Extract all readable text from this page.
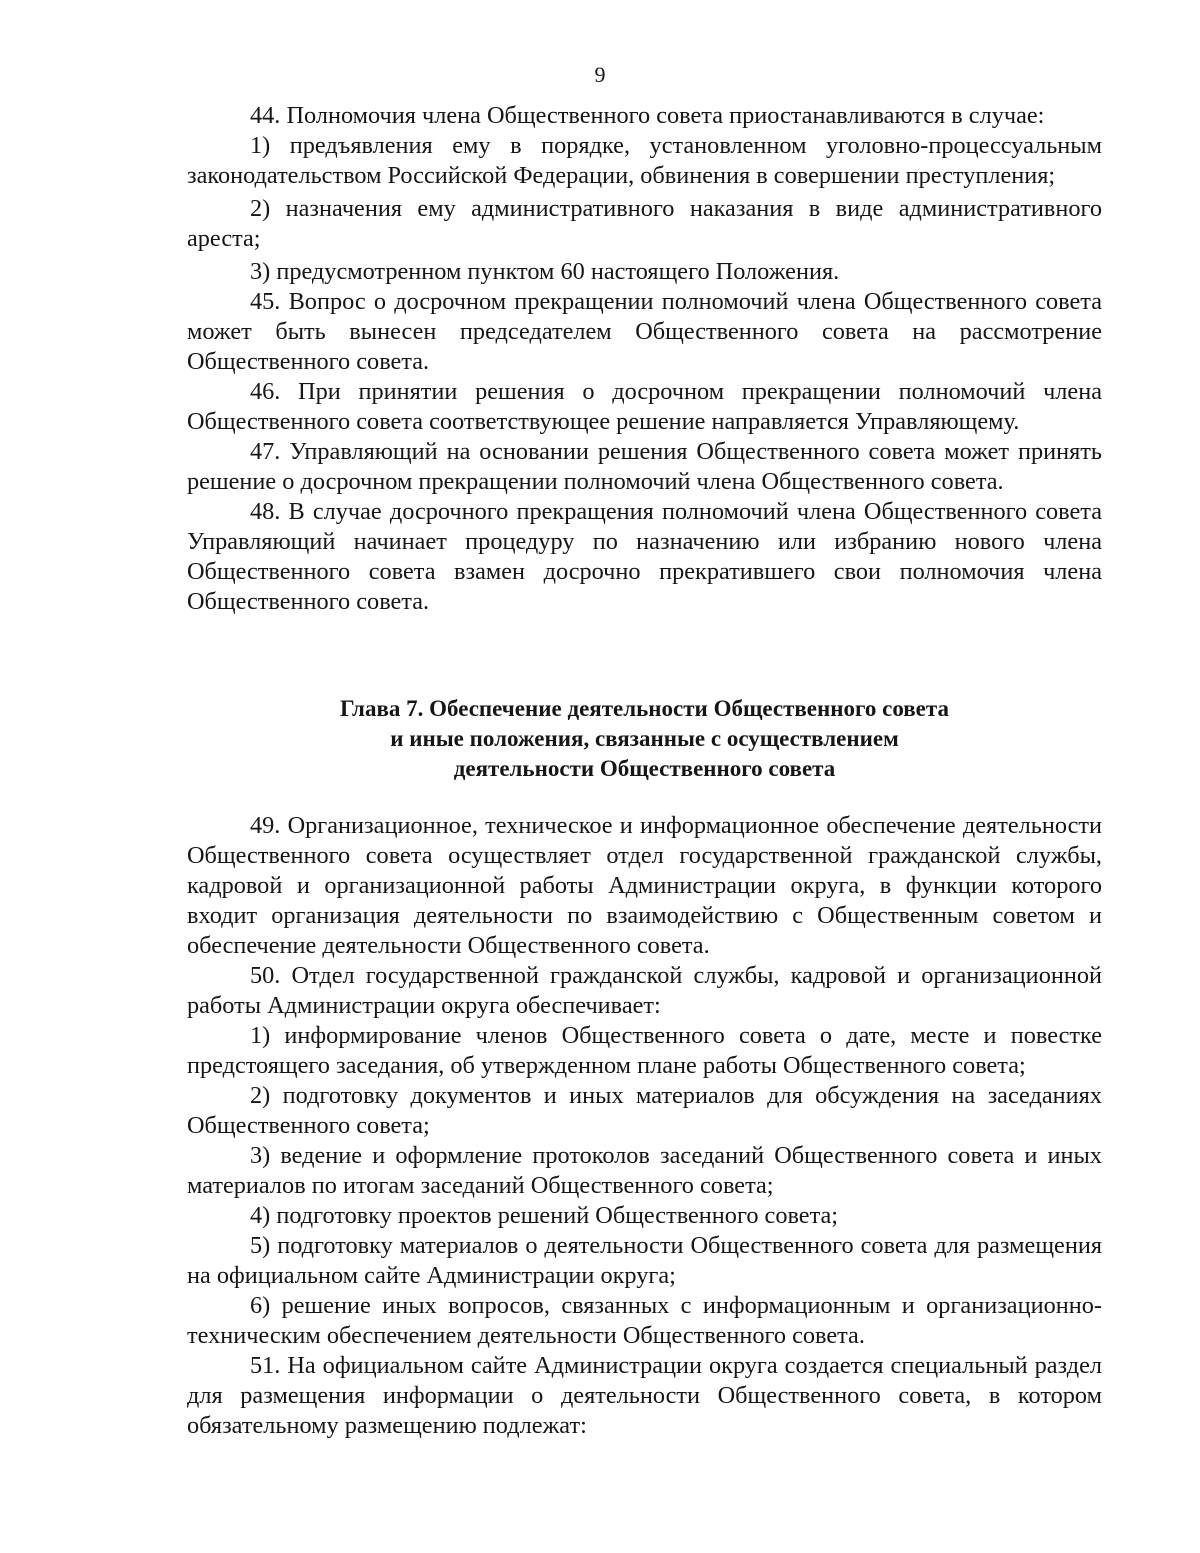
9

44. Полномочия члена Общественного совета приостанавливаются в случае:

1) предъявления ему в порядке, установленном уголовно-процессуальным законодательством Российской Федерации, обвинения в совершении преступления;

2) назначения ему административного наказания в виде административного ареста;

3) предусмотренном пунктом 60 настоящего Положения.

45. Вопрос о досрочном прекращении полномочий члена Общественного совета может быть вынесен председателем Общественного совета на рассмотрение Общественного совета.

46. При принятии решения о досрочном прекращении полномочий члена Общественного совета соответствующее решение направляется Управляющему.

47. Управляющий на основании решения Общественного совета может принять решение о досрочном прекращении полномочий члена Общественного совета.

48. В случае досрочного прекращения полномочий члена Общественного совета Управляющий начинает процедуру по назначению или избранию нового члена Общественного совета взамен досрочно прекратившего свои полномочия члена Общественного совета.

Глава 7. Обеспечение деятельности Общественного совета
и иные положения, связанные с осуществлением
деятельности Общественного совета

49. Организационное, техническое и информационное обеспечение деятельности Общественного совета осуществляет отдел государственной гражданской службы, кадровой и организационной работы Администрации округа, в функции которого входит организация деятельности по взаимодействию с Общественным советом и обеспечение деятельности Общественного совета.

50. Отдел государственной гражданской службы, кадровой и организационной работы Администрации округа обеспечивает:

1) информирование членов Общественного совета о дате, месте и повестке предстоящего заседания, об утвержденном плане работы Общественного совета;

2) подготовку документов и иных материалов для обсуждения на заседаниях Общественного совета;

3) ведение и оформление протоколов заседаний Общественного совета и иных материалов по итогам заседаний Общественного совета;

4) подготовку проектов решений Общественного совета;

5) подготовку материалов о деятельности Общественного совета для размещения на официальном сайте Администрации округа;

6) решение иных вопросов, связанных с информационным и организационно-техническим обеспечением деятельности Общественного совета.

51. На официальном сайте Администрации округа создается специальный раздел для размещения информации о деятельности Общественного совета, в котором обязательному размещению подлежат:
